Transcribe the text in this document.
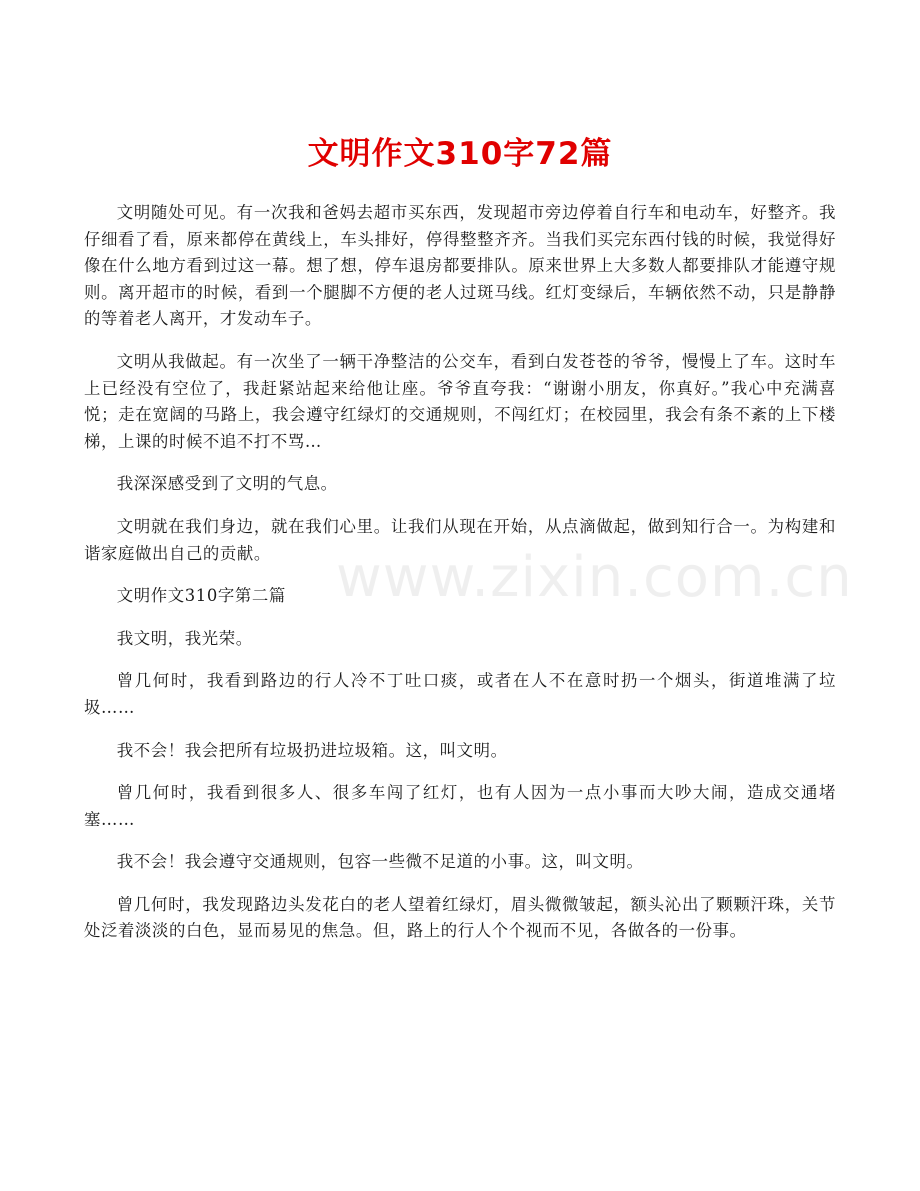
文明作文310字72篇

文明随处可见。有一次我和爸妈去超市买东西，发现超市旁边停着自行车和电动车，好整齐。我仔细看了看，原来都停在黄线上，车头排好，停得整整齐齐。当我们买完东西付钱的时候，我觉得好像在什么地方看到过这一幕。想了想，停车退房都要排队。原来世界上大多数人都要排队才能遵守规则。离开超市的时候，看到一个腿脚不方便的老人过斑马线。红灯变绿后，车辆依然不动，只是静静的等着老人离开，才发动车子。

文明从我做起。有一次坐了一辆干净整洁的公交车，看到白发苍苍的爷爷，慢慢上了车。这时车上已经没有空位了，我赶紧站起来给他让座。爷爷直夸我：“谢谢小朋友，你真好。”我心中充满喜悦；走在宽阔的马路上，我会遵守红绿灯的交通规则，不闯红灯；在校园里，我会有条不紊的上下楼梯，上课的时候不追不打不骂…

我深深感受到了文明的气息。

文明就在我们身边，就在我们心里。让我们从现在开始，从点滴做起，做到知行合一。为构建和谐家庭做出自己的贡献。

文明作文310字第二篇

我文明，我光荣。

曾几何时，我看到路边的行人冷不丁吐口痰，或者在人不在意时扔一个烟头，街道堆满了垃圾……

我不会！我会把所有垃圾扔进垃圾箱。这，叫文明。

曾几何时，我看到很多人、很多车闯了红灯，也有人因为一点小事而大吵大闹，造成交通堵塞……

我不会！我会遵守交通规则，包容一些微不足道的小事。这，叫文明。

曾几何时，我发现路边头发花白的老人望着红绿灯，眉头微微皱起，额头沁出了颗颗汗珠，关节处泛着淡淡的白色，显而易见的焦急。但，路上的行人个个视而不见，各做各的一份事。

www.zixin.com.cn
